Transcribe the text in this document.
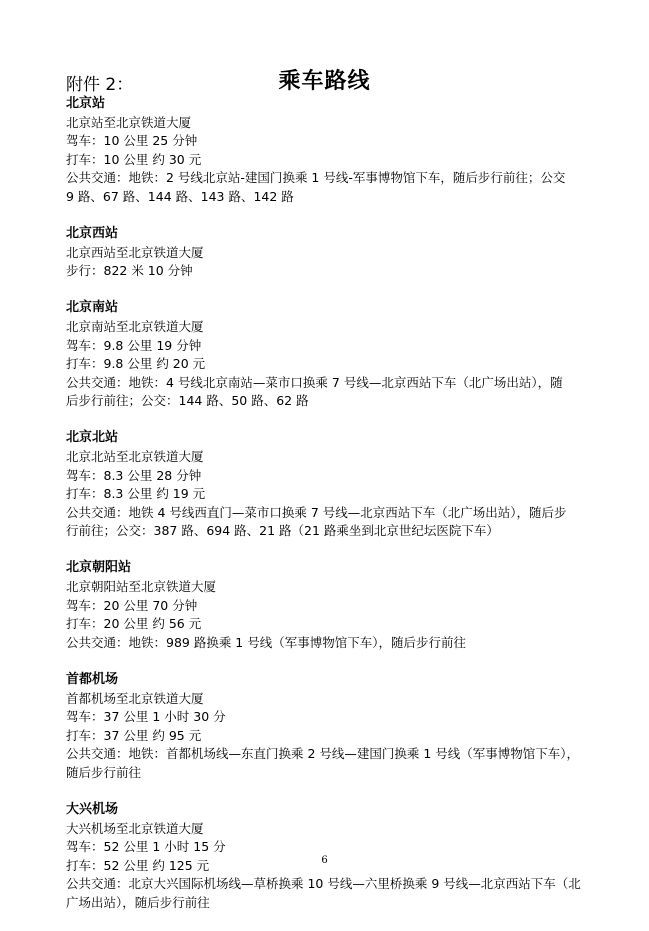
附件 2：	乘车路线
北京站
北京站至北京铁道大厦
驾车：10 公里 25 分钟
打车：10 公里 约 30 元
公共交通：地铁：2 号线北京站-建国门换乘 1 号线-军事博物馆下车，随后步行前往；公交
9 路、67 路、144 路、143 路、142 路
北京西站
北京西站至北京铁道大厦
步行：822 米 10 分钟
北京南站
北京南站至北京铁道大厦
驾车：9.8 公里 19 分钟
打车：9.8 公里 约 20 元
公共交通：地铁：4 号线北京南站—菜市口换乘 7 号线—北京西站下车（北广场出站），随
后步行前往；公交：144 路、50 路、62 路
北京北站
北京北站至北京铁道大厦
驾车：8.3 公里 28 分钟
打车：8.3 公里 约 19 元
公共交通：地铁 4 号线西直门—菜市口换乘 7 号线—北京西站下车（北广场出站），随后步
行前往；公交：387 路、694 路、21 路（21 路乘坐到北京世纪坛医院下车）
北京朝阳站
北京朝阳站至北京铁道大厦
驾车：20 公里 70 分钟
打车：20 公里 约 56 元
公共交通：地铁：989 路换乘 1 号线（军事博物馆下车），随后步行前往
首都机场
首都机场至北京铁道大厦
驾车：37 公里 1 小时 30 分
打车：37 公里 约 95 元
公共交通：地铁：首都机场线—东直门换乘 2 号线—建国门换乘 1 号线（军事博物馆下车），
随后步行前往
大兴机场
大兴机场至北京铁道大厦
驾车：52 公里 1 小时 15 分
打车：52 公里 约 125 元
公共交通：北京大兴国际机场线—草桥换乘 10 号线—六里桥换乘 9 号线—北京西站下车（北
广场出站），随后步行前往
6
